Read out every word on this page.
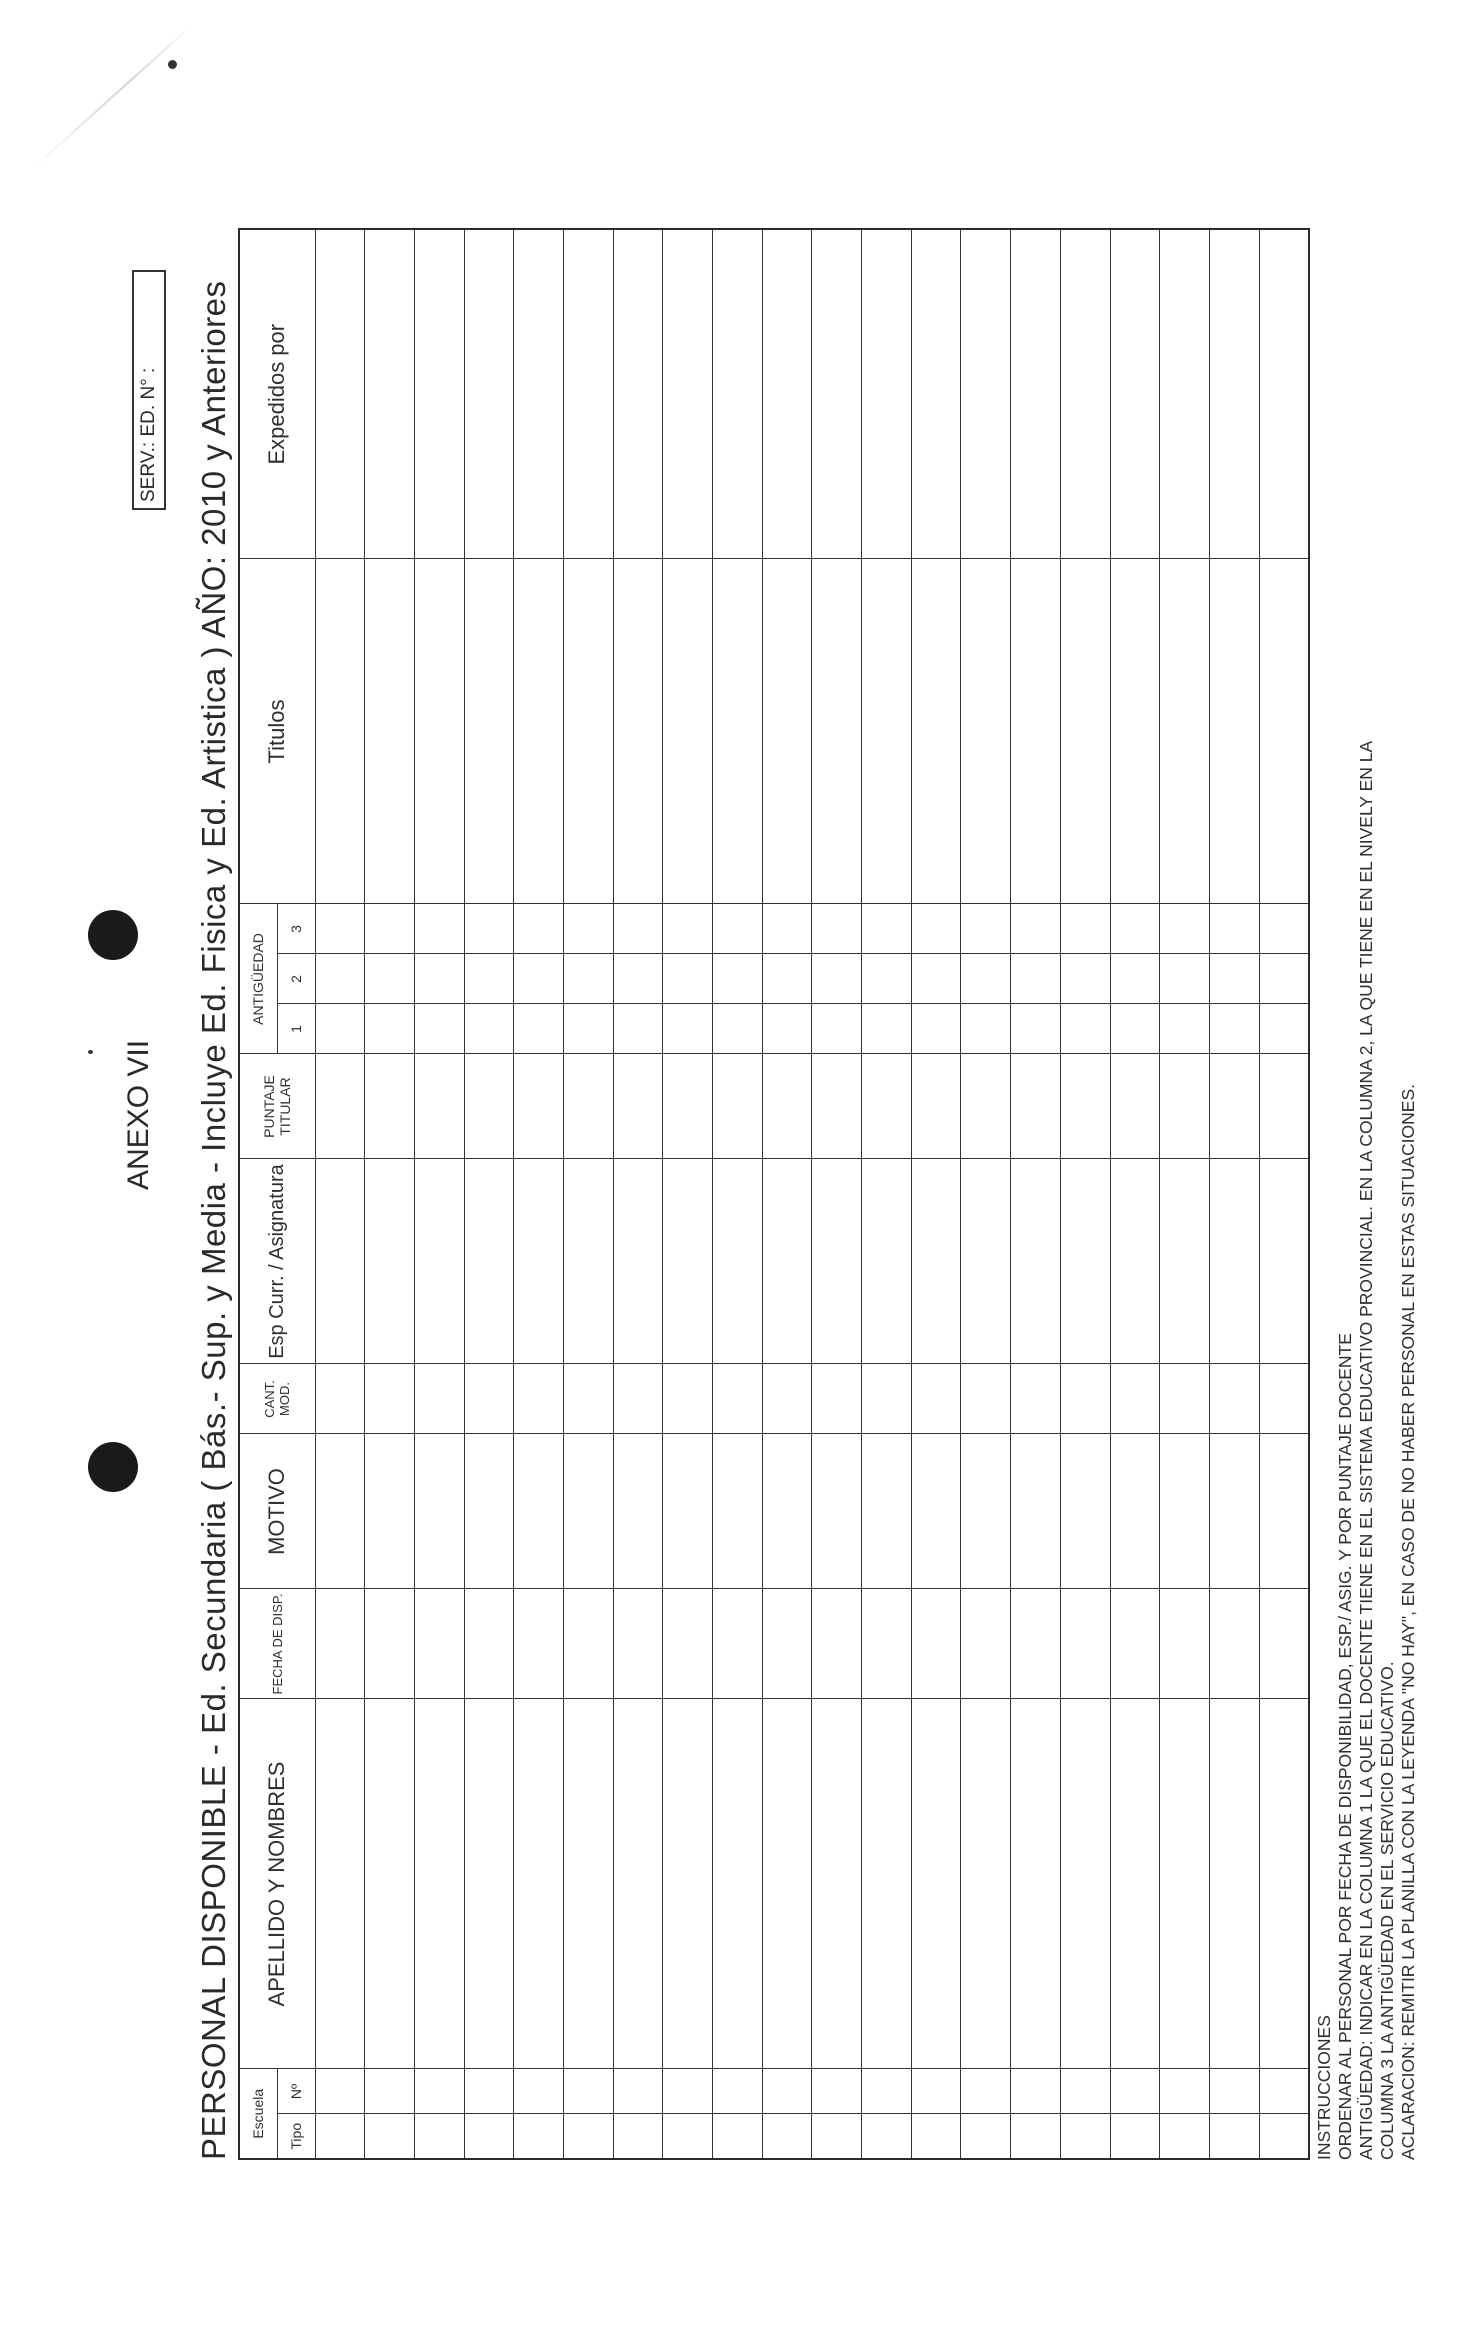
ANEXO VII
SERV.: ED. N° : PERSONAL DISPONIBLE - Ed. Secundaria ( Bás.- Sup. y Media - Incluye Ed. Fisica y Ed. Artistica ) AÑO: 2010 y Anteriores Escuela		APELLIDO Y NOMBRES	FECHA DE DISP.	MOTIVO	CANT. MOD.	Esp Curr. / Asignatura	PUNTAJE TITULAR	ANTIGÜEDAD			Titulos	Expedidos por
Tipo	Nº							1	2	3		

INSTRUCCIONES ORDENAR AL PERSONAL POR FECHA DE DISPONIBILIDAD, ESP./ ASIG. Y POR PUNTAJE DOCENTE ANTIGÜEDAD: INDICAR EN LA COLUMNA 1 LA QUE EL DOCENTE TIENE EN EL SISTEMA EDUCATIVO PROVINCIAL. EN LA COLUMNA 2, LA QUE TIENE EN EL NIVELY EN LA COLUMNA 3 LA ANTIGÜEDAD EN EL SERVICIO EDUCATIVO. ACLARACION: REMITIR LA PLANILLA CON LA LEYENDA "NO HAY", EN CASO DE NO HABER PERSONAL EN ESTAS SITUACIONES.
